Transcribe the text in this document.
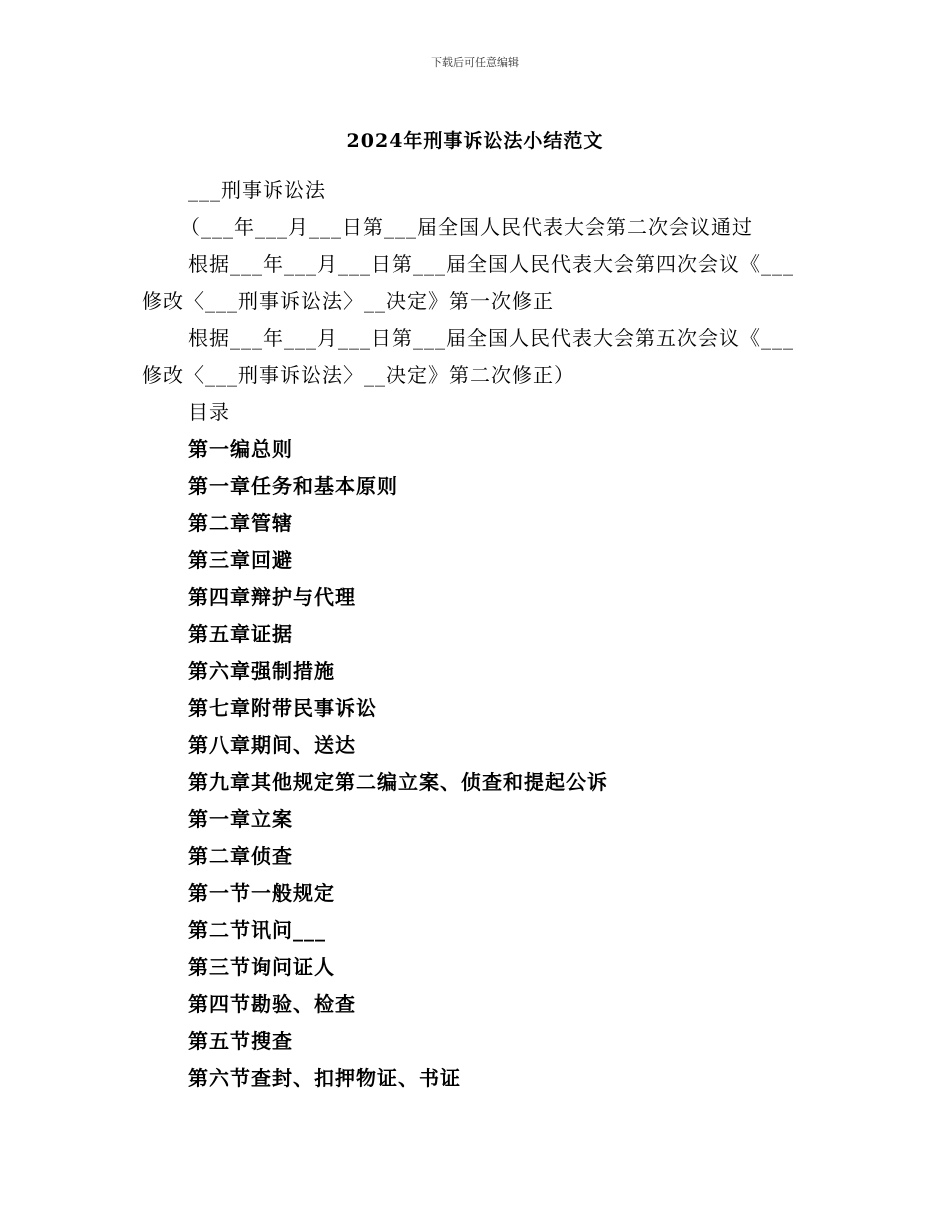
下载后可任意编辑
2024年刑事诉讼法小结范文
___刑事诉讼法
（___年___月___日第___届全国人民代表大会第二次会议通过
根据___年___月___日第___届全国人民代表大会第四次会议《___
修改〈___刑事诉讼法〉__决定》第一次修正
根据___年___月___日第___届全国人民代表大会第五次会议《___
修改〈___刑事诉讼法〉__决定》第二次修正）
目录
第一编总则
第一章任务和基本原则
第二章管辖
第三章回避
第四章辩护与代理
第五章证据
第六章强制措施
第七章附带民事诉讼
第八章期间、送达
第九章其他规定第二编立案、侦查和提起公诉
第一章立案
第二章侦查
第一节一般规定
第二节讯问___
第三节询问证人
第四节勘验、检查
第五节搜查
第六节查封、扣押物证、书证
